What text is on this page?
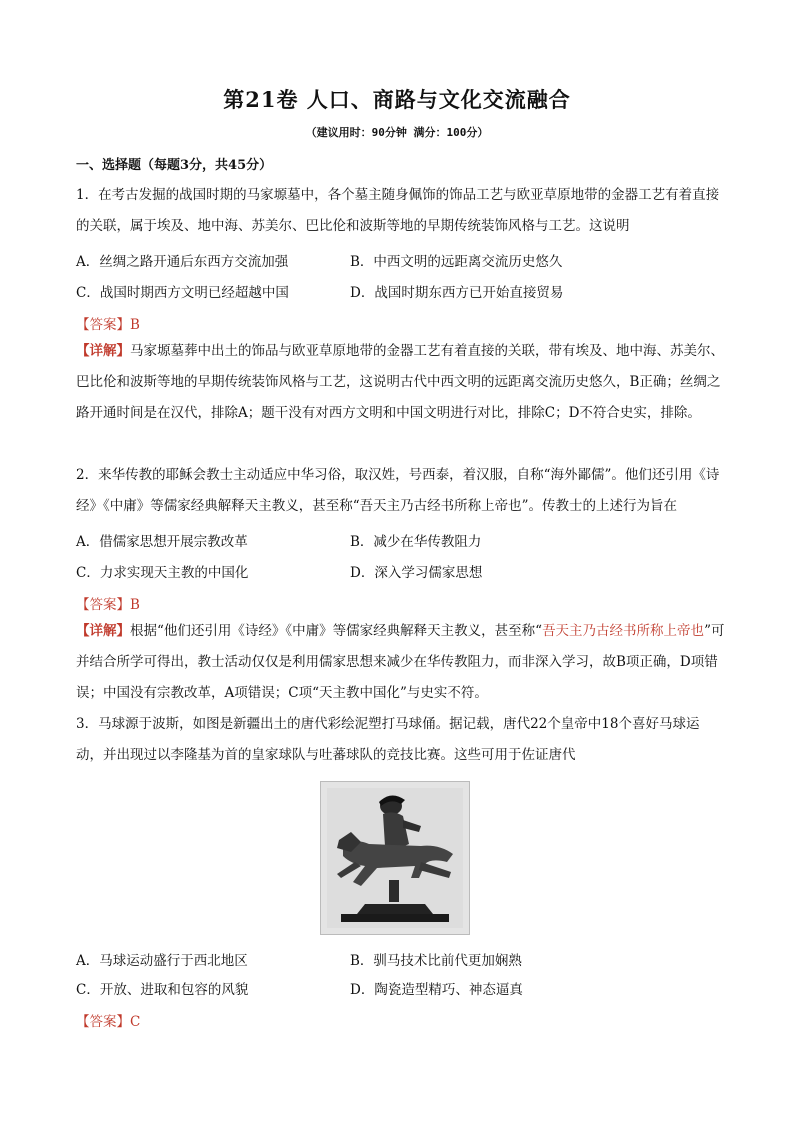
第21卷 人口、商路与文化交流融合
（建议用时：90分钟 满分：100分）
一、选择题（每题3分，共45分）
1．在考古发掘的战国时期的马家塬墓中，各个墓主随身佩饰的饰品工艺与欧亚草原地带的金器工艺有着直接的关联，属于埃及、地中海、苏美尔、巴比伦和波斯等地的早期传统装饰风格与工艺。这说明
A．丝绸之路开通后东西方交流加强	B．中西文明的远距离交流历史悠久
C．战国时期西方文明已经超越中国	D．战国时期东西方已开始直接贸易
【答案】B
【详解】马家塬墓葬中出土的饰品与欧亚草原地带的金器工艺有着直接的关联，带有埃及、地中海、苏美尔、巴比伦和波斯等地的早期传统装饰风格与工艺，这说明古代中西文明的远距离交流历史悠久，B正确；丝绸之路开通时间是在汉代，排除A；题干没有对西方文明和中国文明进行对比，排除C；D不符合史实，排除。
2．来华传教的耶稣会教士主动适应中华习俗，取汉姓，号西泰，着汉服，自称“海外鄙儒”。他们还引用《诗经》《中庸》等儒家经典解释天主教义，甚至称“吾天主乃古经书所称上帝也”。传教士的上述行为旨在
A．借儒家思想开展宗教改革	B．减少在华传教阻力
C．力求实现天主教的中国化	D．深入学习儒家思想
【答案】B
【详解】根据“他们还引用《诗经》《中庸》等儒家经典解释天主教义，甚至称“吾天主乃古经书所称上帝也”可并结合所学可得出，教士活动仅仅是利用儒家思想来减少在华传教阻力，而非深入学习，故B项正确，D项错误；中国没有宗教改革，A项错误；C项“天主教中国化”与史实不符。
3．马球源于波斯，如图是新疆出土的唐代彩绘泥塑打马球俑。据记载，唐代22个皇帝中18个喜好马球运动，并出现过以李隆基为首的皇家球队与吐蕃球队的竞技比赛。这些可用于佐证唐代
A．马球运动盛行于西北地区	B．驯马技术比前代更加娴熟
C．开放、进取和包容的风貌	D．陶瓷造型精巧、神态逼真
【答案】C
